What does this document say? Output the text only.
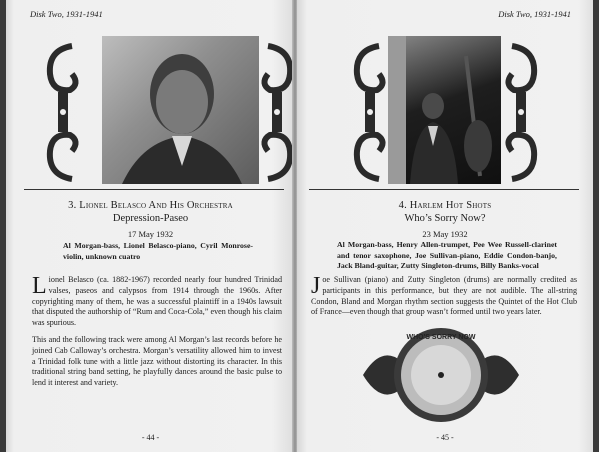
Disk Two, 1931-1941
3. Lionel Belasco And His Orchestra
Depression-Paseo
17 May 1932
Al Morgan-bass, Lionel Belasco-piano, Cyril Monrose-violin, unknown cuatro

Lionel Belasco (ca. 1882-1967) recorded nearly four hundred Trinidad valses, paseos and calypsos from 1914 through the 1960s. After copyrighting many of them, he was a successful plaintiff in a 1940s lawsuit that disputed the authorship of “Rum and Coca-Cola,” even though his claim was spurious.

This and the following track were among Al Morgan’s last records before he joined Cab Calloway’s orchestra. Morgan’s versatility allowed him to invest a Trinidad folk tune with a little jazz without distorting its character. In this traditional string band setting, he playfully dances around the basic pulse to lend it interest and variety.

- 44 -
Disk Two, 1931-1941
4. Harlem Hot Shots
Who’s Sorry Now?
23 May 1932
Al Morgan-bass, Henry Allen-trumpet, Pee Wee Russell-clarinet and tenor saxophone, Joe Sullivan-piano, Eddie Condon-banjo, Jack Bland-guitar, Zutty Singleton-drums, Billy Banks-vocal

Joe Sullivan (piano) and Zutty Singleton (drums) are normally credited as participants in this performance, but they are not audible. The all-string Condon, Bland and Morgan rhythm section suggests the Quintet of the Hot Club of France—even though that group wasn’t formed until two years later.

WHO'S SORRY NOW
- 45 -
